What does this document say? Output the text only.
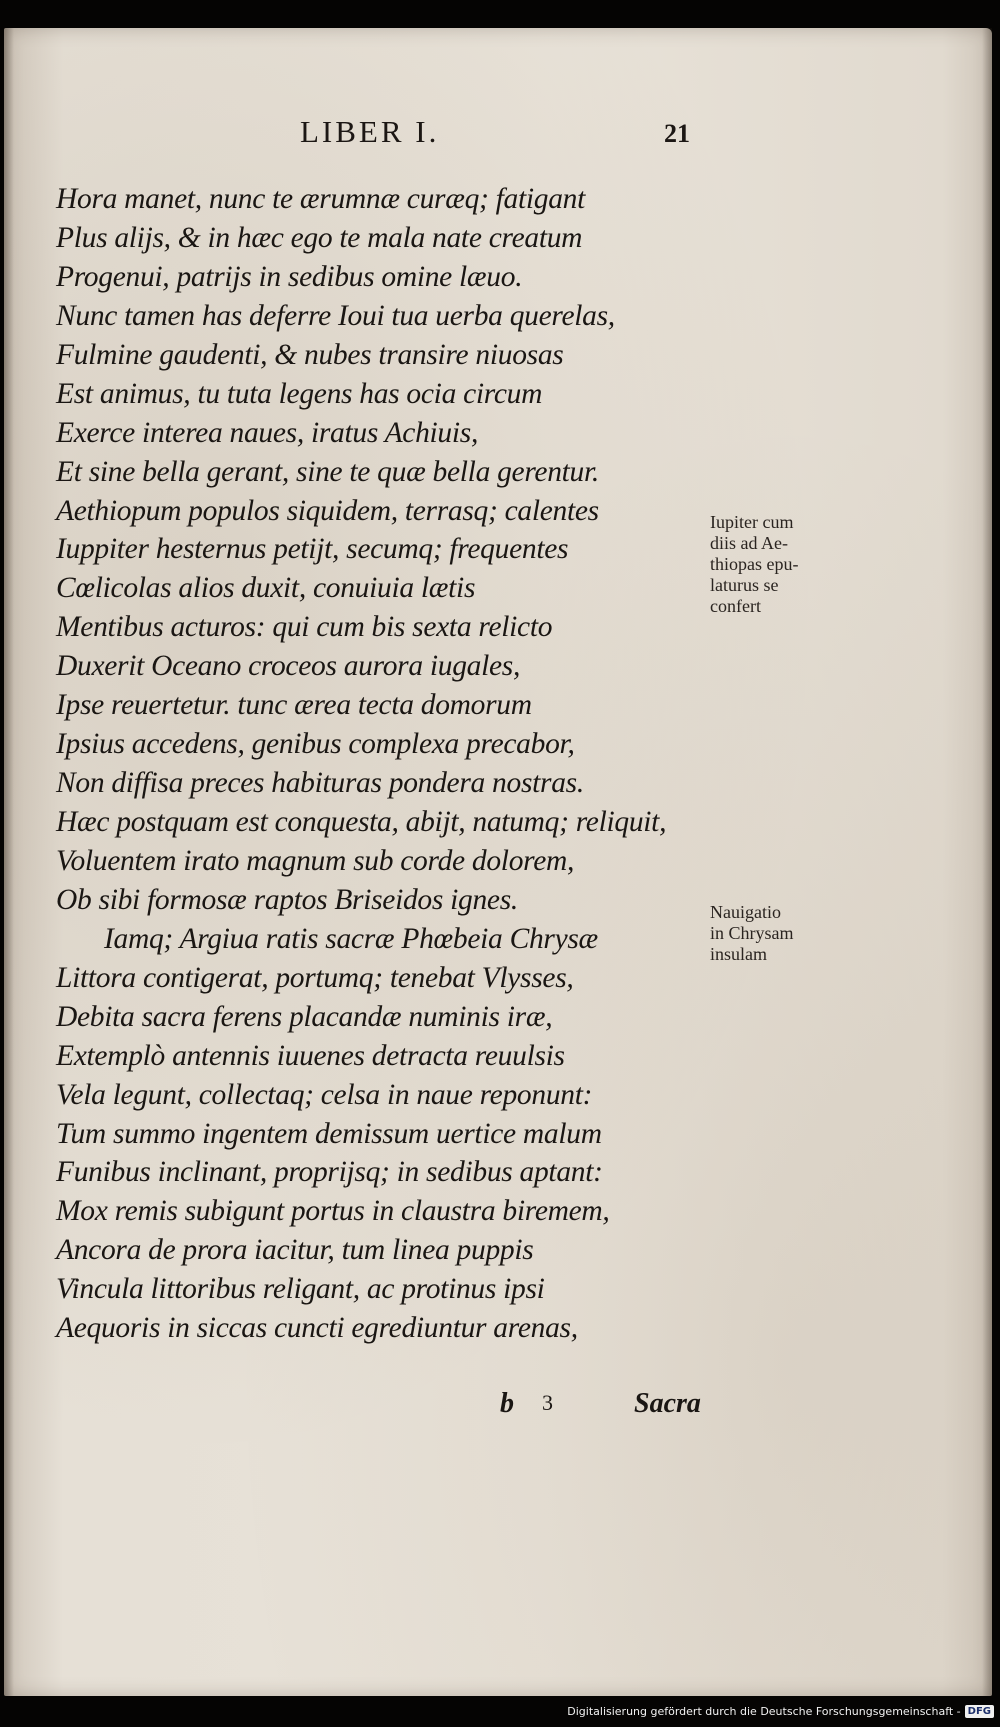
LIBER I.	21
Hora manet, nunc te ærumnæ curæq; fatigant
Plus alijs, & in hæc ego te mala nate creatum
Progenui, patrijs in sedibus omine læuo.
Nunc tamen has deferre Ioui tua uerba querelas,
Fulmine gaudenti, & nubes transire niuosas
Est animus, tu tuta legens has ocia circum
Exerce interea naues, iratus Achiuis,
Et sine bella gerant, sine te quæ bella gerentur.
Aethiopum populos siquidem, terrasq; calentes
Iuppiter hesternus petijt, secumq; frequentes
Cœlicolas alios duxit, conuiuia lætis
Mentibus acturos: qui cum bis sexta relicto
Duxerit Oceano croceos aurora iugales,
Ipse reuertetur. tunc ærea tecta domorum
Ipsius accedens, genibus complexa precabor,
Non diffisa preces habituras pondera nostras.
Hæc postquam est conquesta, abijt, natumq; reliquit,
Voluentem irato magnum sub corde dolorem,
Ob sibi formosæ raptos Briseidos ignes.
Iamq; Argiua ratis sacræ Phœbeia Chrysæ
Littora contigerat, portumq; tenebat Vlysses,
Debita sacra ferens placandæ numinis iræ,
Extemplò antennis iuuenes detracta reuulsis
Vela legunt, collectaq; celsa in naue reponunt:
Tum summo ingentem demissum uertice malum
Funibus inclinant, proprijsq; in sedibus aptant:
Mox remis subigunt portus in claustra biremem,
Ancora de prora iacitur, tum linea puppis
Vincula littoribus religant, ac protinus ipsi
Aequoris in siccas cuncti egrediuntur arenas,
Iupiter cum
diis ad Ae-
thiopas epu-
laturus se
confert
Nauigatio
in Chrysam
insulam
b 3	Sacra
Digitalisierung gefördert durch die Deutsche Forschungsgemeinschaft - DFG
